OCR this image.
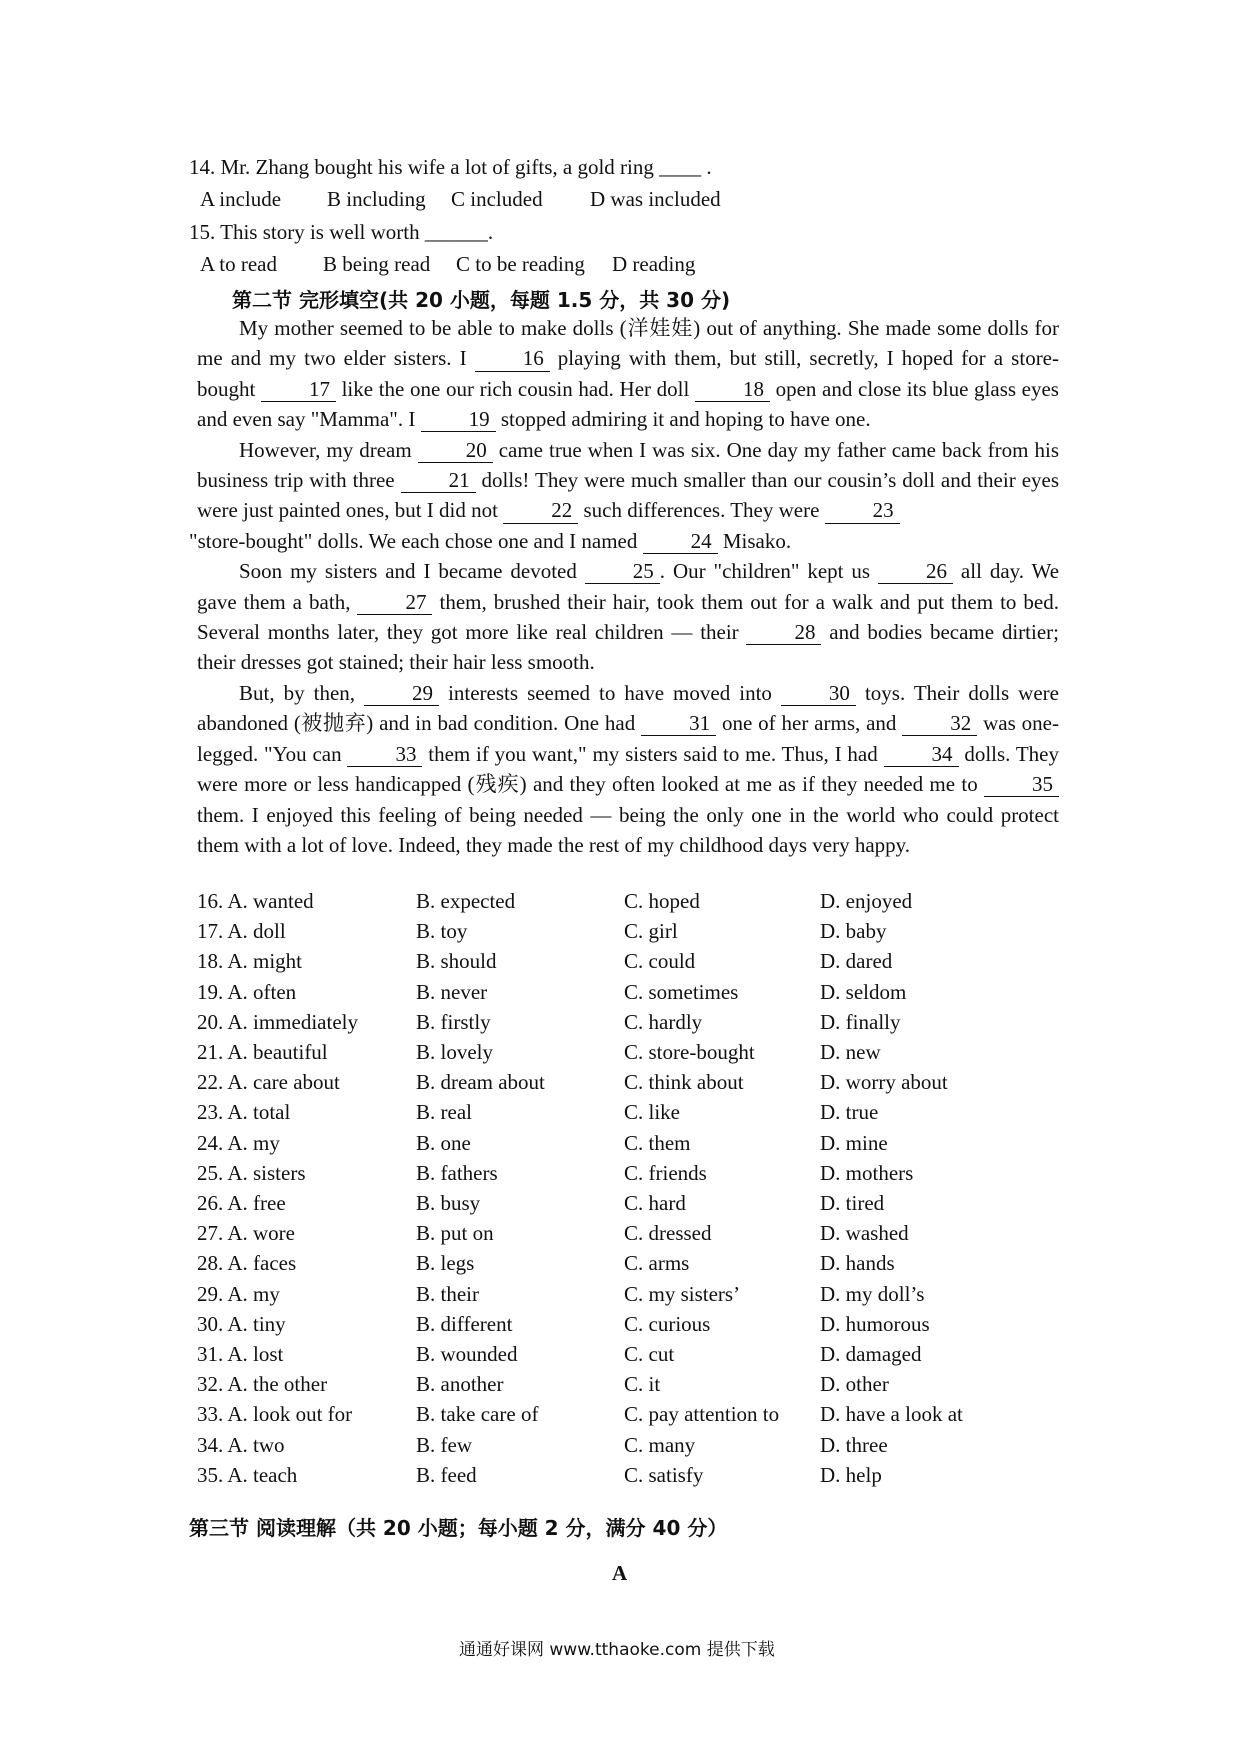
14. Mr. Zhang bought his wife a lot of gifts, a gold ring ____ .
A include B including C included D was included
15. This story is well worth ______.
A to read B being read C to be reading D reading
第二节 完形填空(共 20 小题，每题 1.5 分，共 30 分)

My mother seemed to be able to make dolls (洋娃娃) out of anything. She made some dolls for me and my two elder sisters. I 16 playing with them, but still, secretly, I hoped for a store-bought 17 like the one our rich cousin had. Her doll 18 open and close its blue glass eyes and even say "Mamma". I 19 stopped admiring it and hoping to have one.

However, my dream 20 came true when I was six. One day my father came back from his business trip with three 21 dolls! They were much smaller than our cousin’s doll and their eyes were just painted ones, but I did not 22 such differences. They were 23
"store-bought" dolls. We each chose one and I named 24 Misako.

Soon my sisters and I became devoted 25 . Our "children" kept us 26 all day. We gave them a bath, 27 them, brushed their hair, took them out for a walk and put them to bed. Several months later, they got more like real children — their 28 and bodies became dirtier; their dresses got stained; their hair less smooth.

But, by then, 29 interests seemed to have moved into 30 toys. Their dolls were abandoned (被抛弃) and in bad condition. One had 31 one of her arms, and 32 was one-legged. "You can 33 them if you want," my sisters said to me. Thus, I had 34 dolls. They were more or less handicapped (残疾) and they often looked at me as if they needed me to 35 them. I enjoyed this feeling of being needed — being the only one in the world who could protect them with a lot of love. Indeed, they made the rest of my childhood days very happy.

16. A. wanted	B. expected	C. hoped	D. enjoyed
17. A. doll	B. toy	C. girl	D. baby
18. A. might	B. should	C. could	D. dared
19. A. often	B. never	C. sometimes	D. seldom
20. A. immediately	B. firstly	C. hardly	D. finally
21. A. beautiful	B. lovely	C. store-bought	D. new
22. A. care about	B. dream about	C. think about	D. worry about
23. A. total	B. real	C. like	D. true
24. A. my	B. one	C. them	D. mine
25. A. sisters	B. fathers	C. friends	D. mothers
26. A. free	B. busy	C. hard	D. tired
27. A. wore	B. put on	C. dressed	D. washed
28. A. faces	B. legs	C. arms	D. hands
29. A. my	B. their	C. my sisters’	D. my doll’s
30. A. tiny	B. different	C. curious	D. humorous
31. A. lost	B. wounded	C. cut	D. damaged
32. A. the other	B. another	C. it	D. other
33. A. look out for	B. take care of	C. pay attention to D. have a look at
34. A. two	B. few	C. many	D. three
35. A. teach	B. feed	C. satisfy	D. help
第三节 阅读理解（共 20 小题；每小题 2 分，满分 40 分）
A
通通好课网 www.tthaoke.com 提供下载
